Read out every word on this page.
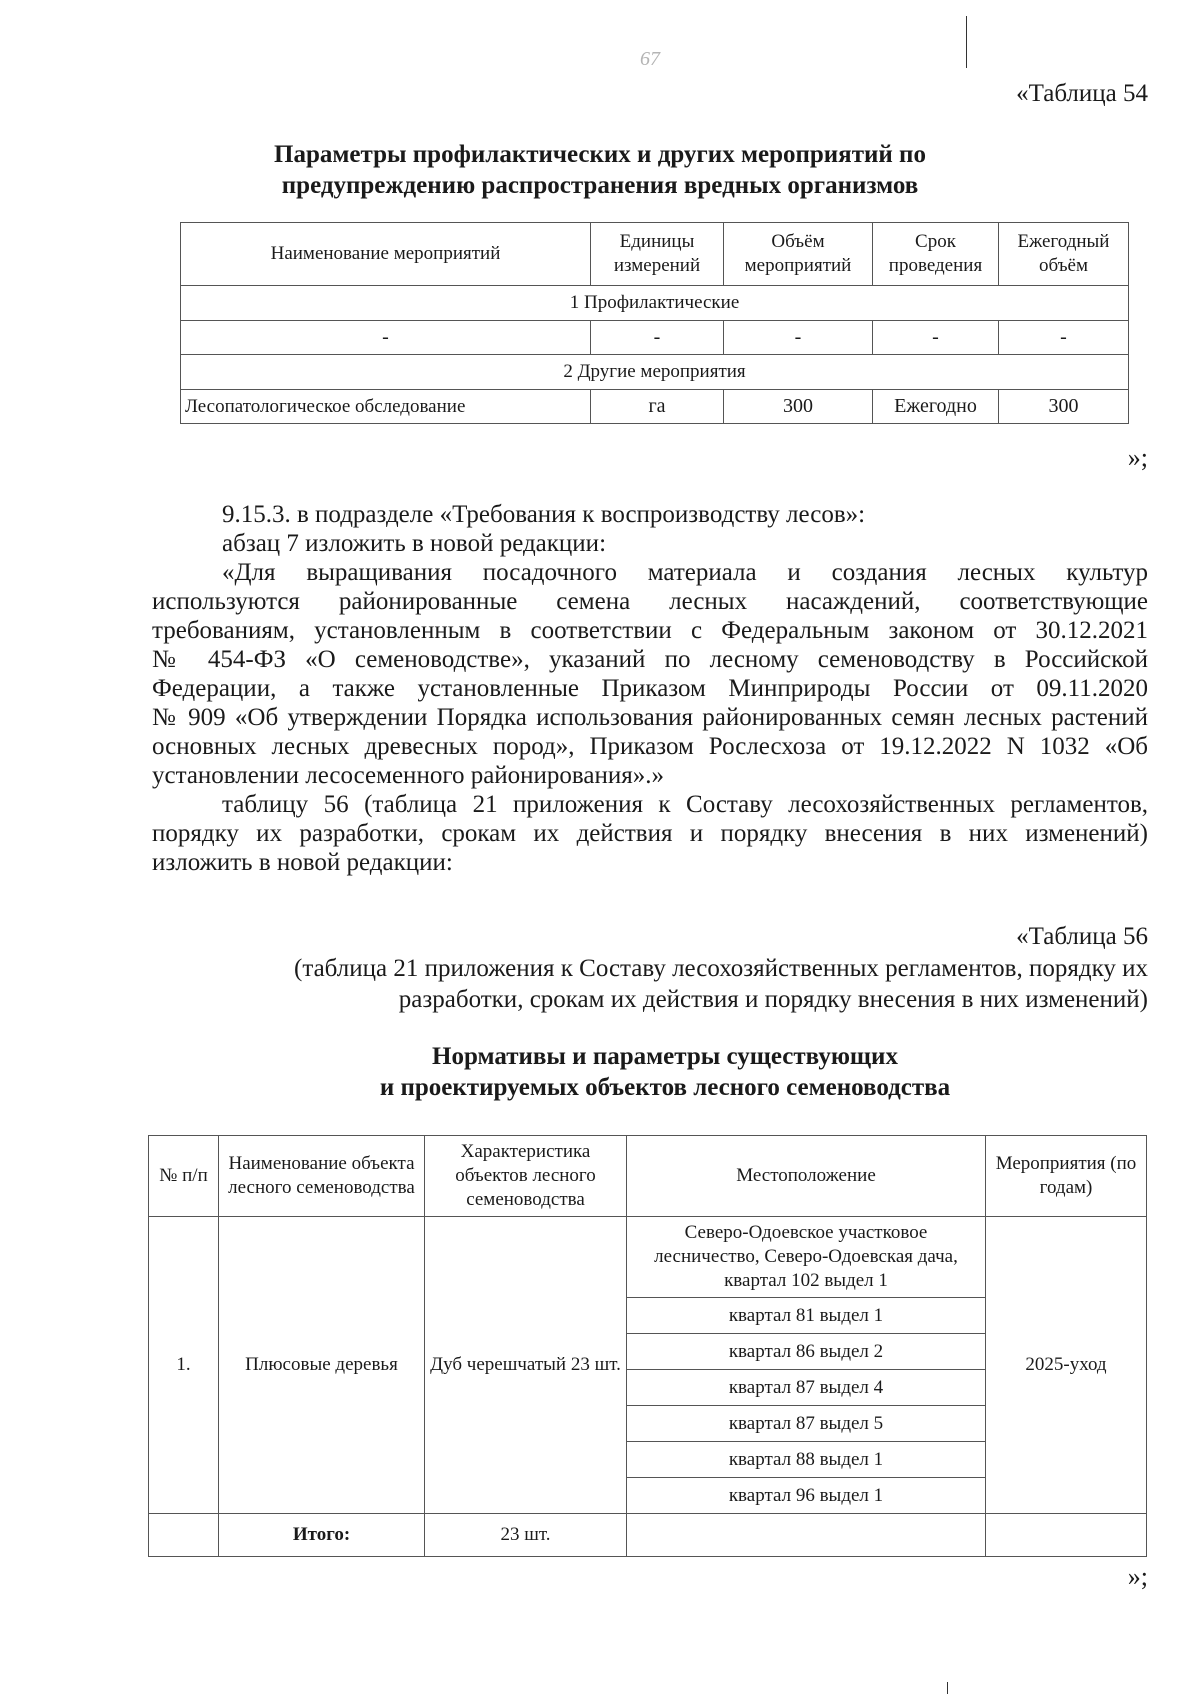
67
«Таблица 54
Параметры профилактических и других мероприятий по
предупреждению распространения вредных организмов
Наименование мероприятий	Единицы измерений	Объём мероприятий	Срок проведения	Ежегодный объём
1 Профилактические				
-	-	-	-	-
2 Другие мероприятия				
Лесопатологическое обследование	га	300	Ежегодно	300
»;

9.15.3. в подразделе «Требования к воспроизводству лесов»:

абзац 7 изложить в новой редакции:

«Для выращивания посадочного материала и создания лесных культур
используются районированные семена лесных насаждений, соответствующие
требованиям, установленным в соответствии с Федеральным законом от 30.12.2021
№ 454-ФЗ «О семеноводстве», указаний по лесному семеноводству в Российской
Федерации, а также установленные Приказом Минприроды России от 09.11.2020
№ 909 «Об утверждении Порядка использования районированных семян лесных растений
основных лесных древесных пород», Приказом Рослесхоза от 19.12.2022 N 1032 «Об
установлении лесосеменного районирования».»
таблицу 56 (таблица 21 приложения к Составу лесохозяйственных регламентов,
порядку их разработки, срокам их действия и порядку внесения в них изменений)
изложить в новой редакции:
«Таблица 56
(таблица 21 приложения к Составу лесохозяйственных регламентов, порядку их
разработки, срокам их действия и порядку внесения в них изменений)
Нормативы и параметры существующих
и проектируемых объектов лесного семеноводства
№ п/п	Наименование объекта лесного семеноводства	Характеристика объектов лесного семеноводства	Местоположение	Мероприятия (по годам)
1.	Плюсовые деревья	Дуб черешчатый 23 шт.	Северо-Одоевское участковое лесничество, Северо-Одоевская дача, квартал 102 выдел 1	2025-уход
			квартал 81 выдел 1	
			квартал 86 выдел 2	
			квартал 87 выдел 4	
			квартал 87 выдел 5	
			квартал 88 выдел 1	
			квартал 96 выдел 1	
	Итого:	23 шт.		
»;
